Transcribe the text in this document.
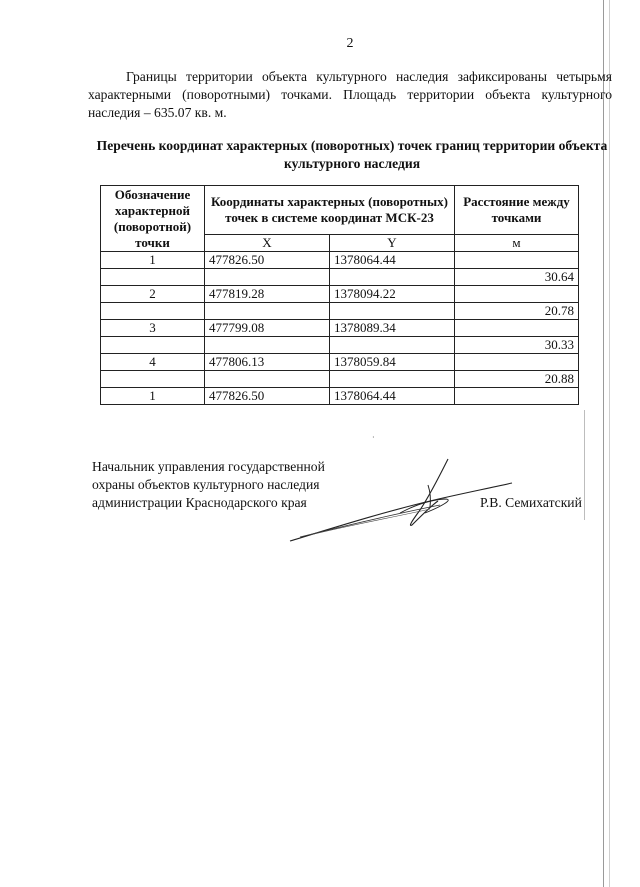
2

Границы территории объекта культурного наследия зафиксированы четырьмя характерными (поворотными) точками. Площадь территории объекта культурного наследия – 635.07 кв. м.

Перечень координат характерных (поворотных) точек границ территории объекта культурного наследия

Обозначение характерной (поворотной) точки	Координаты характерных (поворотных) точек в системе координат МСК-23		Расстояние между точками
	X	Y	м
1	477826.50	1378064.44	
			30.64
2	477819.28	1378094.22	
			20.78
3	477799.08	1378089.34	
			30.33
4	477806.13	1378059.84	
			20.88
1	477826.50	1378064.44	
·
Начальник управления государственной
охраны объектов культурного наследия
администрации Краснодарского края	Р.В. Семихатский
